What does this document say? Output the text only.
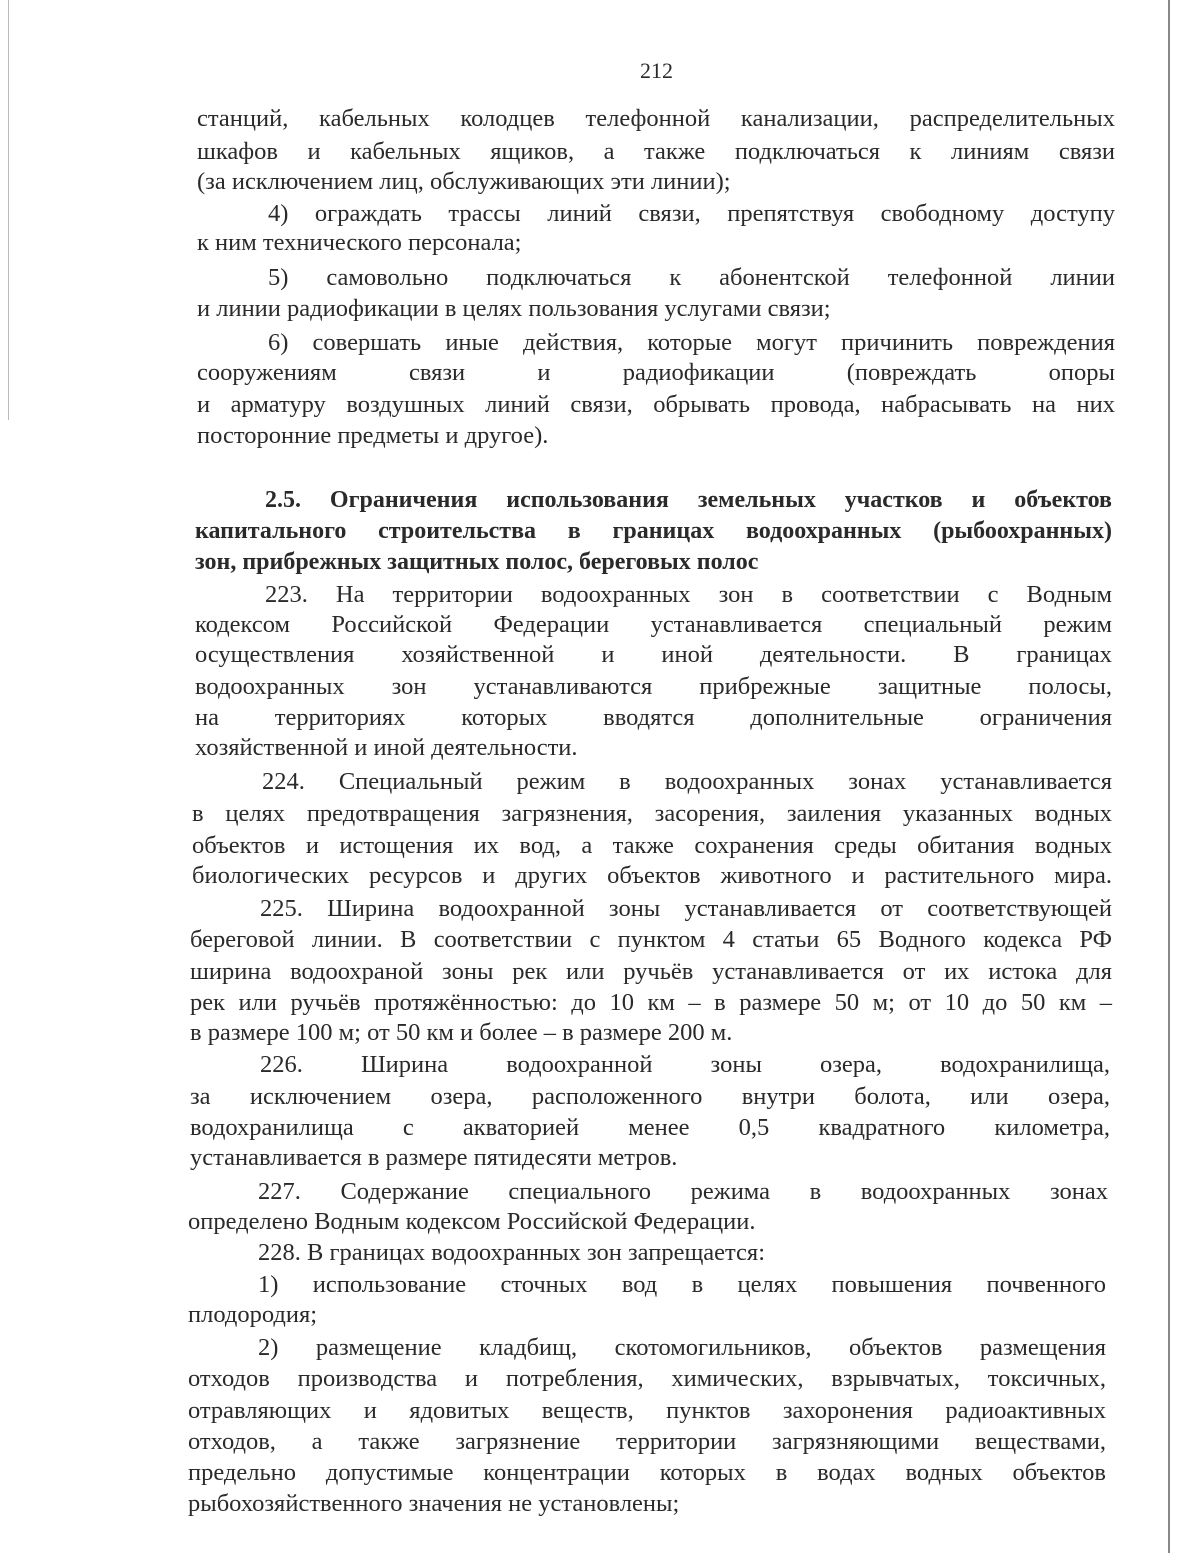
212
станций, кабельных колодцев телефонной канализации, распределительных
шкафов и кабельных ящиков, а также подключаться к линиям связи
(за исключением лиц, обслуживающих эти линии);
4) ограждать трассы линий связи, препятствуя свободному доступу
к ним технического персонала;
5) самовольно подключаться к абонентской телефонной линии
и линии радиофикации в целях пользования услугами связи;
6) совершать иные действия, которые могут причинить повреждения
сооружениям связи и радиофикации (повреждать опоры
и арматуру воздушных линий связи, обрывать провода, набрасывать на них
посторонние предметы и другое).
2.5. Ограничения использования земельных участков и объектов
капитального строительства в границах водоохранных (рыбоохранных)
зон, прибрежных защитных полос, береговых полос
223. На территории водоохранных зон в соответствии с Водным
кодексом Российской Федерации устанавливается специальный режим
осуществления хозяйственной и иной деятельности. В границах
водоохранных зон устанавливаются прибрежные защитные полосы,
на территориях которых вводятся дополнительные ограничения
хозяйственной и иной деятельности.
224. Специальный режим в водоохранных зонах устанавливается
в целях предотвращения загрязнения, засорения, заиления указанных водных
объектов и истощения их вод, а также сохранения среды обитания водных
биологических ресурсов и других объектов животного и растительного мира.
225. Ширина водоохранной зоны устанавливается от соответствующей
береговой линии. В соответствии с пунктом 4 статьи 65 Водного кодекса РФ
ширина водоохраной зоны рек или ручьёв устанавливается от их истока для
рек или ручьёв протяжённостью: до 10 км – в размере 50 м; от 10 до 50 км –
в размере 100 м; от 50 км и более – в размере 200 м.
226. Ширина водоохранной зоны озера, водохранилища,
за исключением озера, расположенного внутри болота, или озера,
водохранилища с акваторией менее 0,5 квадратного километра,
устанавливается в размере пятидесяти метров.
227. Содержание специального режима в водоохранных зонах
определено Водным кодексом Российской Федерации.
228. В границах водоохранных зон запрещается:
1) использование сточных вод в целях повышения почвенного
плодородия;
2) размещение кладбищ, скотомогильников, объектов размещения
отходов производства и потребления, химических, взрывчатых, токсичных,
отравляющих и ядовитых веществ, пунктов захоронения радиоактивных
отходов, а также загрязнение территории загрязняющими веществами,
предельно допустимые концентрации которых в водах водных объектов
рыбохозяйственного значения не установлены;
